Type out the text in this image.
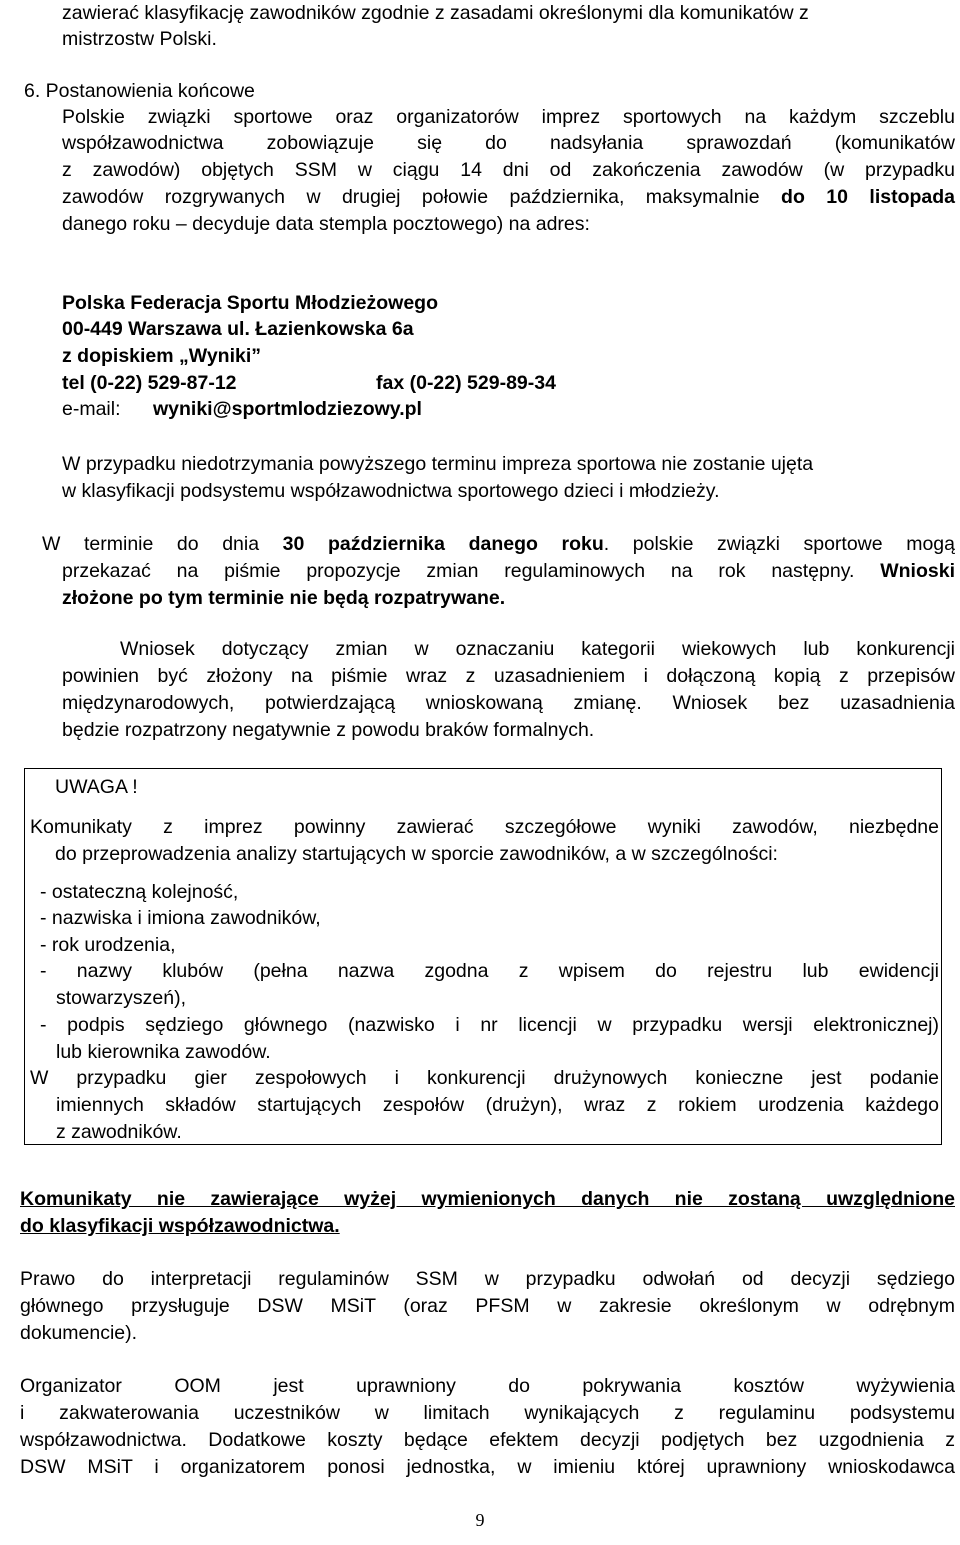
zawierać klasyfikację zawodników zgodnie z zasadami określonymi dla komunikatów z
mistrzostw Polski.
6. Postanowienia końcowe
Polskie związki sportowe oraz organizatorów imprez sportowych na każdym szczeblu
współzawodnictwa zobowiązuje się do nadsyłania sprawozdań (komunikatów
z zawodów) objętych SSM w ciągu 14 dni od zakończenia zawodów (w przypadku
zawodów rozgrywanych w drugiej połowie października, maksymalnie do 10 listopada
danego roku – decyduje data stempla pocztowego) na adres:
Polska Federacja Sportu Młodzieżowego
00-449 Warszawa ul. Łazienkowska 6a
z dopiskiem „Wyniki”
tel (0-22) 529-87-12	fax (0-22) 529-89-34
e-mail: wyniki@sportmlodziezowy.pl
W przypadku niedotrzymania powyższego terminu impreza sportowa nie zostanie ujęta
w klasyfikacji podsystemu współzawodnictwa sportowego dzieci i młodzieży.
W terminie do dnia 30 października danego roku. polskie związki sportowe mogą
przekazać na piśmie propozycje zmian regulaminowych na rok następny. Wnioski
złożone po tym terminie nie będą rozpatrywane.
Wniosek dotyczący zmian w oznaczaniu kategorii wiekowych lub konkurencji
powinien być złożony na piśmie wraz z uzasadnieniem i dołączoną kopią z przepisów
międzynarodowych, potwierdzającą wnioskowaną zmianę. Wniosek bez uzasadnienia
będzie rozpatrzony negatywnie z powodu braków formalnych.
UWAGA !
Komunikaty z imprez powinny zawierać szczegółowe wyniki zawodów, niezbędne
do przeprowadzenia analizy startujących w sporcie zawodników, a w szczególności:
- ostateczną kolejność,
- nazwiska i imiona zawodników,
- rok urodzenia,
- nazwy klubów (pełna nazwa zgodna z wpisem do rejestru lub ewidencji
stowarzyszeń),
- podpis sędziego głównego (nazwisko i nr licencji w przypadku wersji elektronicznej)
lub kierownika zawodów.
W przypadku gier zespołowych i konkurencji drużynowych konieczne jest podanie
imiennych składów startujących zespołów (drużyn), wraz z rokiem urodzenia każdego
z zawodników.
Komunikaty nie zawierające wyżej wymienionych danych nie zostaną uwzględnione
do klasyfikacji współzawodnictwa.
Prawo do interpretacji regulaminów SSM w przypadku odwołań od decyzji sędziego
głównego przysługuje DSW MSiT (oraz PFSM w zakresie określonym w odrębnym
dokumencie).
Organizator OOM jest uprawniony do pokrywania kosztów wyżywienia
i zakwaterowania uczestników w limitach wynikających z regulaminu podsystemu
współzawodnictwa. Dodatkowe koszty będące efektem decyzji podjętych bez uzgodnienia z
DSW MSiT i organizatorem ponosi jednostka, w imieniu której uprawniony wnioskodawca
9
